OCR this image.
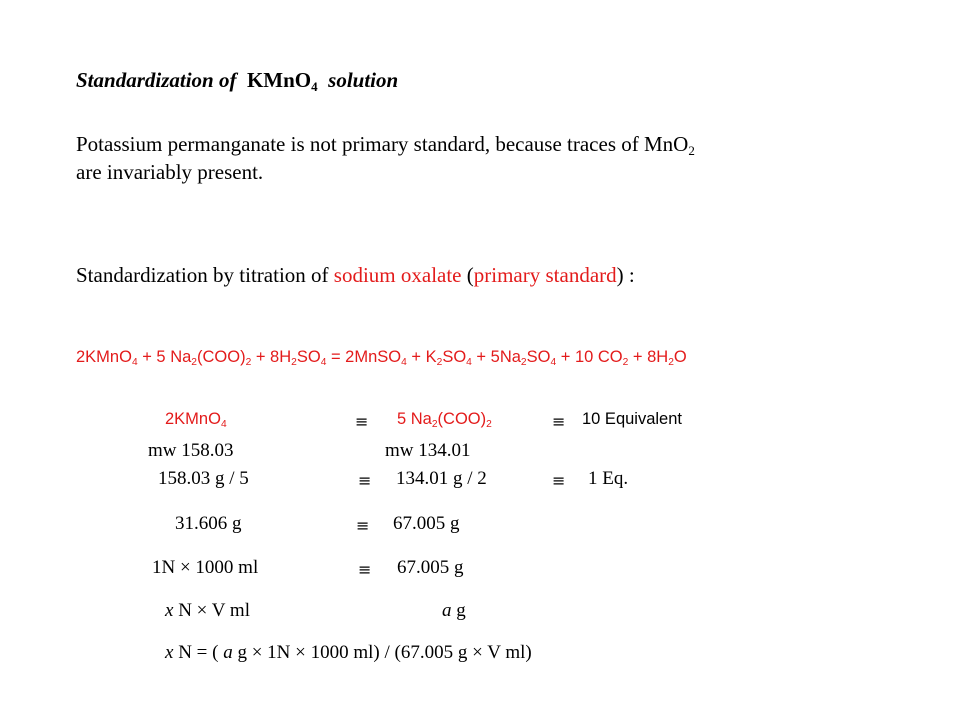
Standardization of KMnO$_4$ solution
Potassium permanganate is not primary standard, because traces of MnO$_2$
are invariably present.
Standardization by titration of sodium oxalate (primary standard) :
2KMnO$_4$ + 5 $Na_2(COO)_2 + 8H_2SO_4$ = 2MnSO$_4$ + $K_2SO_4 + 5Na_2SO_4 + 10$ $CO_2 + 8H_2O$
2KMnO$_4$	≡ 5 $Na_2(COO)_2$	≡ 10 Equivalent
mw 158.03	mw 134.01
158.03 g / 5	≡ 134.01 g / 2	≡ 1 Eq.
31.606 g	≡ 67.005 g
1N × 1000 ml	≡ 67.005 g
x N × V ml	a g
x N = ( a g × 1N × 1000 ml) / (67.005 g × V ml)
